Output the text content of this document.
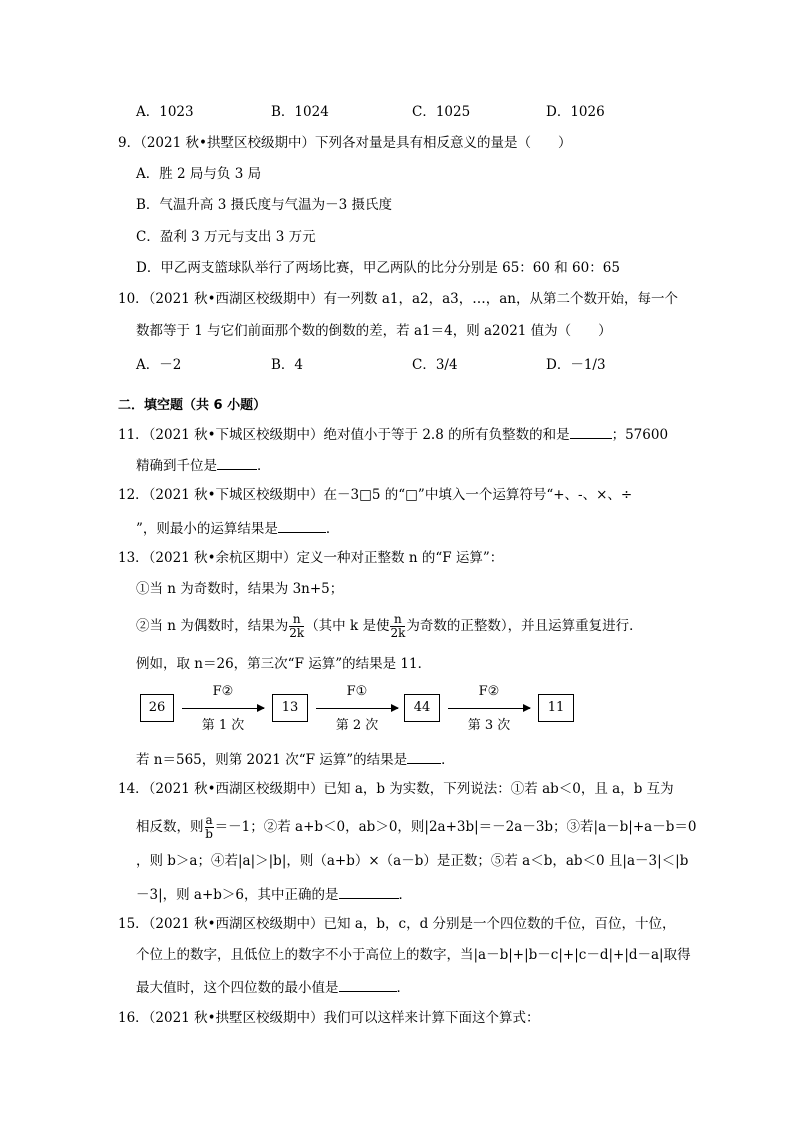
A．1023	B．1024	C．1025	D．1026
9．（2021 秋•拱墅区校级期中）下列各对量是具有相反意义的量是（　　）
A．胜 2 局与负 3 局
B．气温升高 3 摄氏度与气温为－3 摄氏度
C．盈利 3 万元与支出 3 万元
D．甲乙两支篮球队举行了两场比赛，甲乙两队的比分分别是 65：60 和 60：65
10．（2021 秋•西湖区校级期中）有一列数 a1，a2，a3，…，an，从第二个数开始，每一个
数都等于 1 与它们前面那个数的倒数的差，若 a1＝4，则 a2021 值为（　　）
A．－2	B．4	C．3/4	D．－1/3
二．填空题（共 6 小题）
11．（2021 秋•下城区校级期中）绝对值小于等于 2.8 的所有负整数的和是	；57600
精确到千位是	．
12．（2021 秋•下城区校级期中）在－3□5 的“□”中填入一个运算符号“+、-、×、÷
”，则最小的运算结果是	．
13．（2021 秋•余杭区期中）定义一种对正整数 n 的“F 运算”：
①当 n 为奇数时，结果为 3n+5；
②当 n 为偶数时，结果为 $\frac{n}{2k}$ （其中 k 是使 $\frac{n}{2k}$ 为奇数的正整数），并且运算重复进行．
例如，取 n＝26，第三次“F 运算”的结果是 11．
26
F②
第 1 次
13
F①
第 2 次
44
F②
第 3 次
11
若 n＝565，则第 2021 次“F 运算”的结果是	．
14．（2021 秋•西湖区校级期中）已知 a，b 为实数，下列说法：①若 ab＜0，且 a，b 互为
相反数，则 $\frac{a}{b} =-1$；②若 a+b＜0，ab＞0，则|2a+3b|＝－2a－3b；③若|a－b|+a－b＝0
，则 b＞a；④若|a|＞|b|，则（a+b）×（a－b）是正数；⑤若 a＜b，ab＜0 且|a－3|＜|b
－3|，则 a+b＞6，其中正确的是	．
15．（2021 秋•西湖区校级期中）已知 a，b，c，d 分别是一个四位数的千位，百位，十位，
个位上的数字，且低位上的数字不小于高位上的数字，当|a－b|+|b－c|+|c－d|+|d－a|取得
最大值时，这个四位数的最小值是	．
16．（2021 秋•拱墅区校级期中）我们可以这样来计算下面这个算式：
